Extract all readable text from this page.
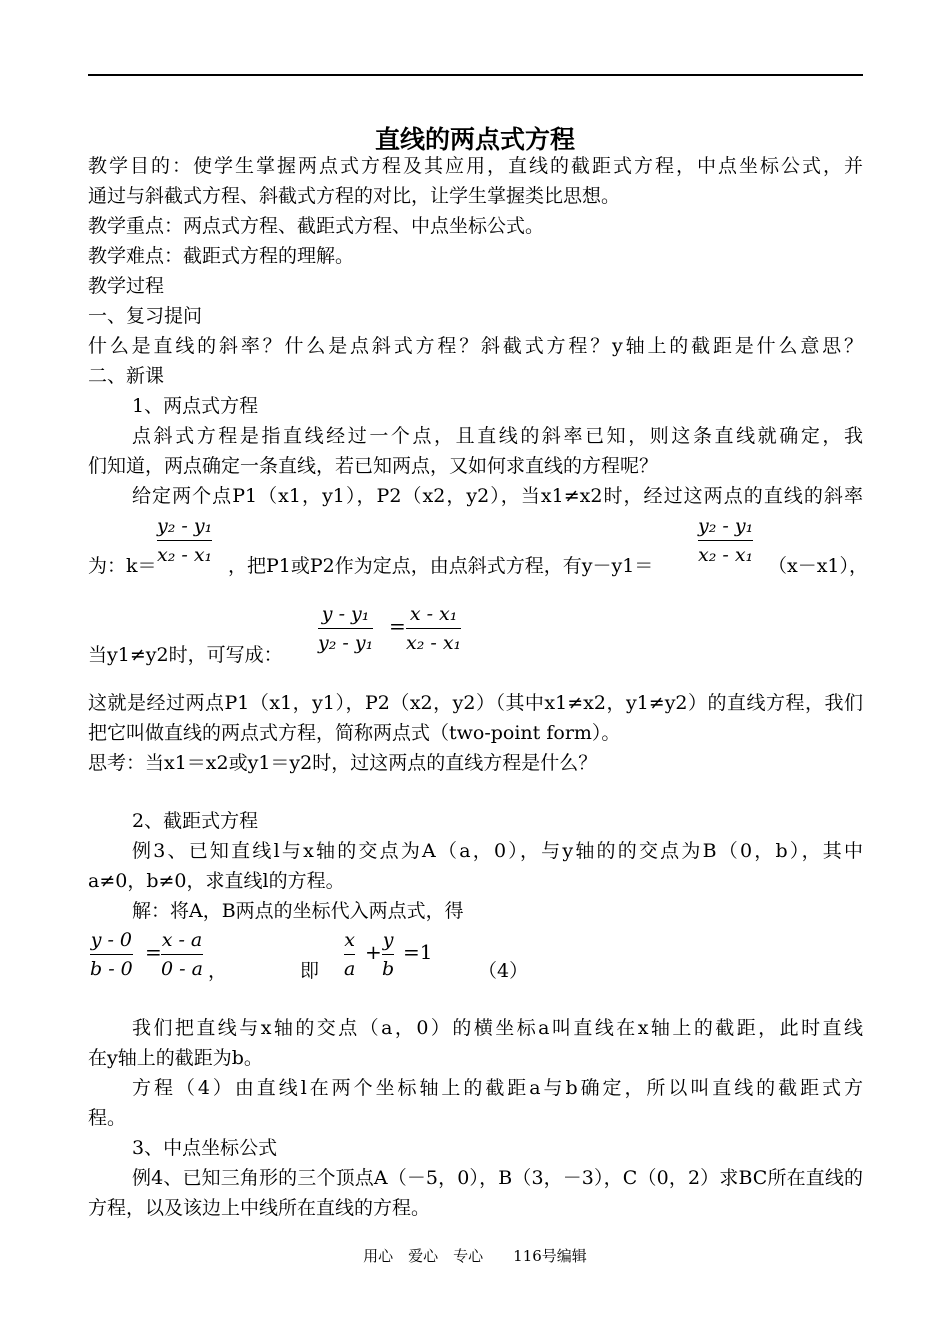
直线的两点式方程
教学目的：使学生掌握两点式方程及其应用，直线的截距式方程，中点坐标公式，并
通过与斜截式方程、斜截式方程的对比，让学生掌握类比思想。
教学重点：两点式方程、截距式方程、中点坐标公式。
教学难点：截距式方程的理解。
教学过程
一、复习提问
什么是直线的斜率？什么是点斜式方程？斜截式方程？y轴上的截距是什么意思？
二、新课
1、两点式方程
点斜式方程是指直线经过一个点，且直线的斜率已知，则这条直线就确定，我
们知道，两点确定一条直线，若已知两点，又如何求直线的方程呢？
给定两个点P1（x1，y1），P2（x2，y2），当x1≠x2时，经过这两点的直线的斜率
为：k＝
y₂ - y₁
x₂ - x₁ ，把P1或P2作为定点，由点斜式方程，有y－y1＝
y₂ - y₁
x₂ - x₁ （x－x1），
当y1≠y2时，可写成：
y - y₁
y₂ - y₁
= x - x₁
x₂ - x₁
这就是经过两点P1（x1，y1），P2（x2，y2）（其中x1≠x2，y1≠y2）的直线方程，我们
把它叫做直线的两点式方程，简称两点式（two-point form）。
思考：当x1＝x2或y1＝y2时，过这两点的直线方程是什么？
2、截距式方程
例3、已知直线l与x轴的交点为A（a，0），与y轴的的交点为B（0，b），其中
a≠0，b≠0，求直线l的方程。
解：将A，B两点的坐标代入两点式，得
y - 0
b - 0
= x - a
0 - a ，	即
x
a
+ y
b
=1
（4）
我们把直线与x轴的交点（a，0）的横坐标a叫直线在x轴上的截距，此时直线
在y轴上的截距为b。
方程（4）由直线l在两个坐标轴上的截距a与b确定，所以叫直线的截距式方
程。
3、中点坐标公式
例4、已知三角形的三个顶点A（－5，0），B（3，－3），C（0，2）求BC所在直线的
方程，以及该边上中线所在直线的方程。
用心　爱心　专心　　116号编辑
